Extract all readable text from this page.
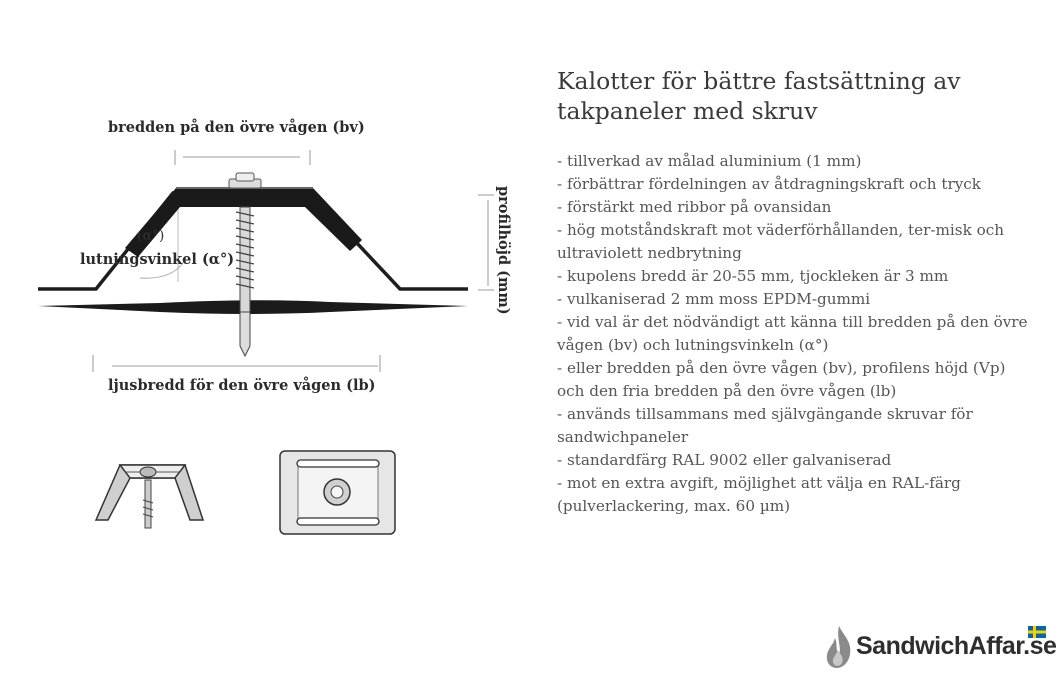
bredden på den övre vågen (bv)
(α°)
lutningsvinkel (α°)
ljusbredd för den övre vågen (lb)
profilhöjd (mm)
Kalotter för bättre fastsättning av takpaneler med skruv
- tillverkad av målad aluminium (1 mm)
- förbättrar fördelningen av åtdragningskraft och tryck
- förstärkt med ribbor på ovansidan
- hög motståndskraft mot väderförhållanden, ter-misk och ultraviolett nedbrytning
- kupolens bredd är 20-55 mm, tjockleken är 3 mm
- vulkaniserad 2 mm moss EPDM-gummi
- vid val är det nödvändigt att känna till bredden på den övre vågen (bv) och lutningsvinkeln (α°)
- eller bredden på den övre vågen (bv), profilens höjd (Vp) och den fria bredden på den övre vågen (lb)
- används tillsammans med självgängande skruvar för sandwichpaneler
- standardfärg RAL 9002 eller galvaniserad
- mot en extra avgift, möjlighet att välja en RAL-färg (pulverlackering, max. 60 µm)
SandwichAffar.se
